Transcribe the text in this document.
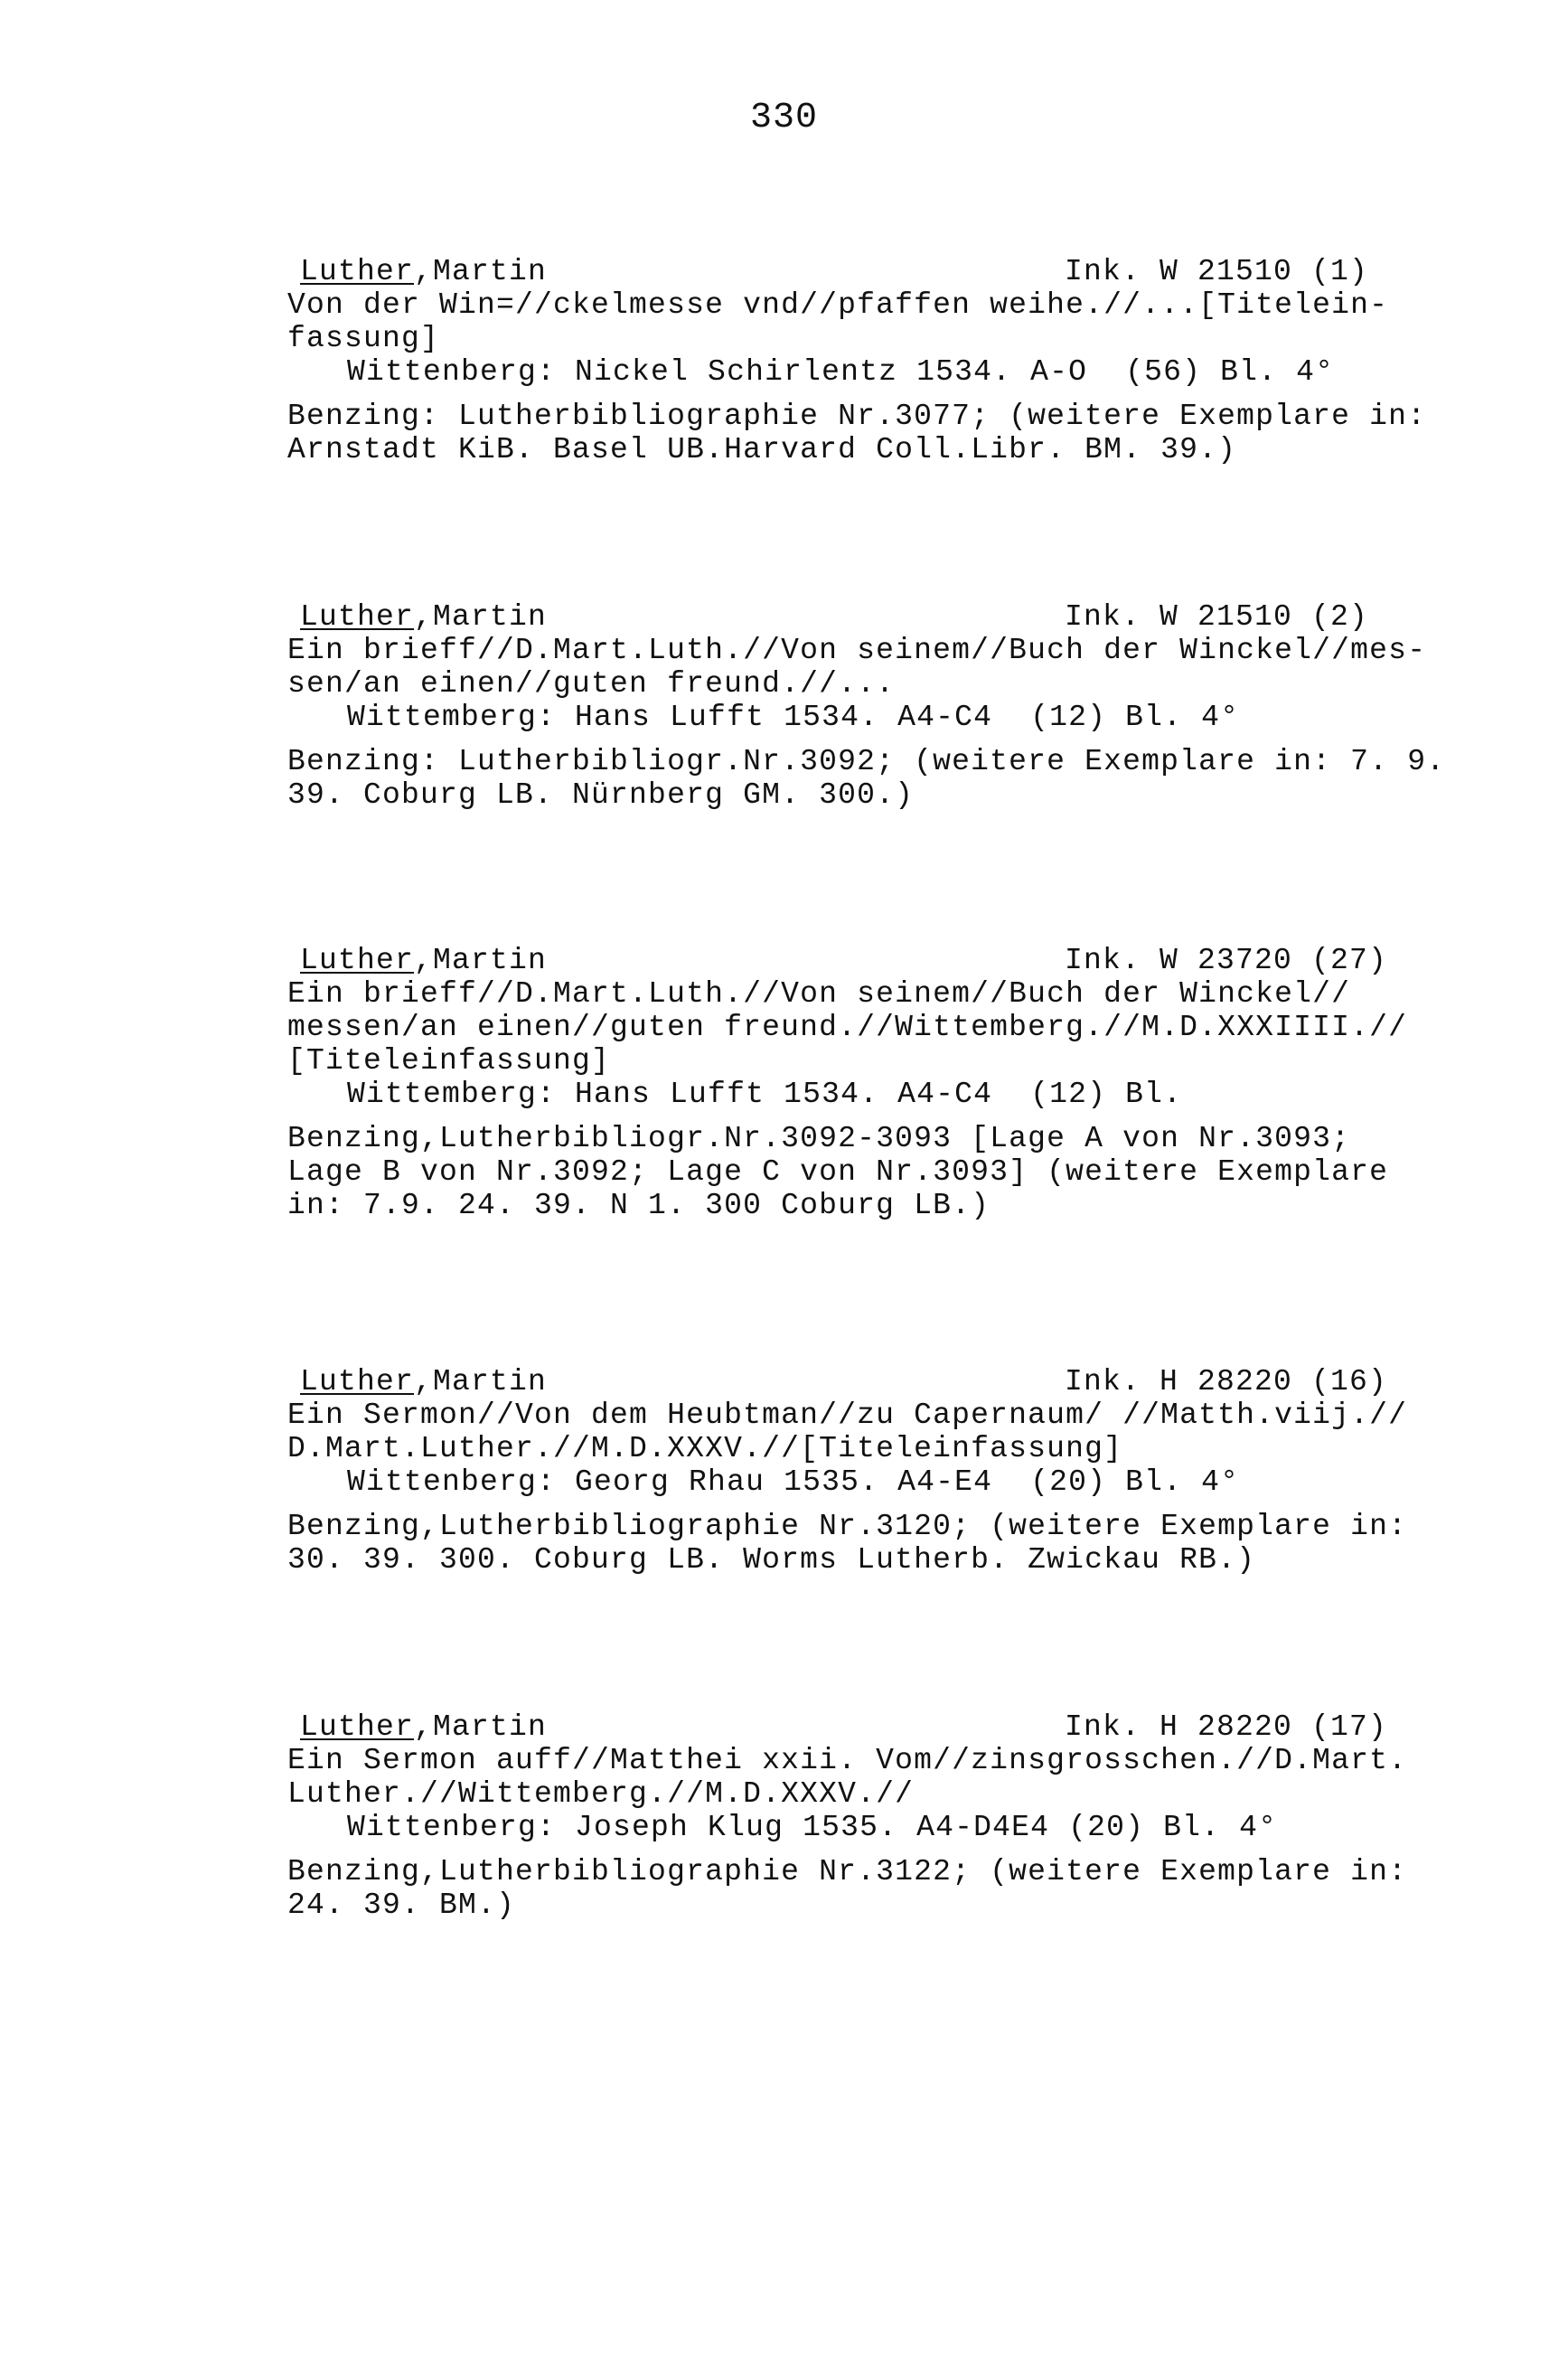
330

Luther,Martin

	Ink. W 21510 (1)

Von der Win=//ckelmesse vnd//pfaffen weihe.//...[Titelein-
fassung]
Wittenberg: Nickel Schirlentz 1534. A-O  (56) Bl. 4°
Benzing: Lutherbibliographie Nr.3077; (weitere Exemplare in:
Arnstadt KiB. Basel UB.Harvard Coll.Libr. BM. 39.)

Luther,Martin

	Ink. W 21510 (2)

Ein brieff//D.Mart.Luth.//Von seinem//Buch der Winckel//mes-
sen/an einen//guten freund.//...
Wittemberg: Hans Lufft 1534. A4-C4  (12) Bl. 4°
Benzing: Lutherbibliogr.Nr.3092; (weitere Exemplare in: 7. 9.
39. Coburg LB. Nürnberg GM. 300.)

Luther,Martin

	Ink. W 23720 (27)

Ein brieff//D.Mart.Luth.//Von seinem//Buch der Winckel//
messen/an einen//guten freund.//Wittemberg.//M.D.XXXIIII.//
[Titeleinfassung]
Wittemberg: Hans Lufft 1534. A4-C4  (12) Bl.
Benzing,Lutherbibliogr.Nr.3092-3093 [Lage A von Nr.3093;
Lage B von Nr.3092; Lage C von Nr.3093] (weitere Exemplare
in: 7.9. 24. 39. N 1. 300 Coburg LB.)

Luther,Martin

	Ink. H 28220 (16)

Ein Sermon//Von dem Heubtman//zu Capernaum/ //Matth.viij.//
D.Mart.Luther.//M.D.XXXV.//[Titeleinfassung]
Wittenberg: Georg Rhau 1535. A4-E4  (20) Bl. 4°
Benzing,Lutherbibliographie Nr.3120; (weitere Exemplare in:
30. 39. 300. Coburg LB. Worms Lutherb. Zwickau RB.)

Luther,Martin

	Ink. H 28220 (17)

Ein Sermon auff//Matthei xxii. Vom//zinsgrosschen.//D.Mart.
Luther.//Wittemberg.//M.D.XXXV.//
Wittenberg: Joseph Klug 1535. A4-D4E4 (20) Bl. 4°
Benzing,Lutherbibliographie Nr.3122; (weitere Exemplare in:
24. 39. BM.)
